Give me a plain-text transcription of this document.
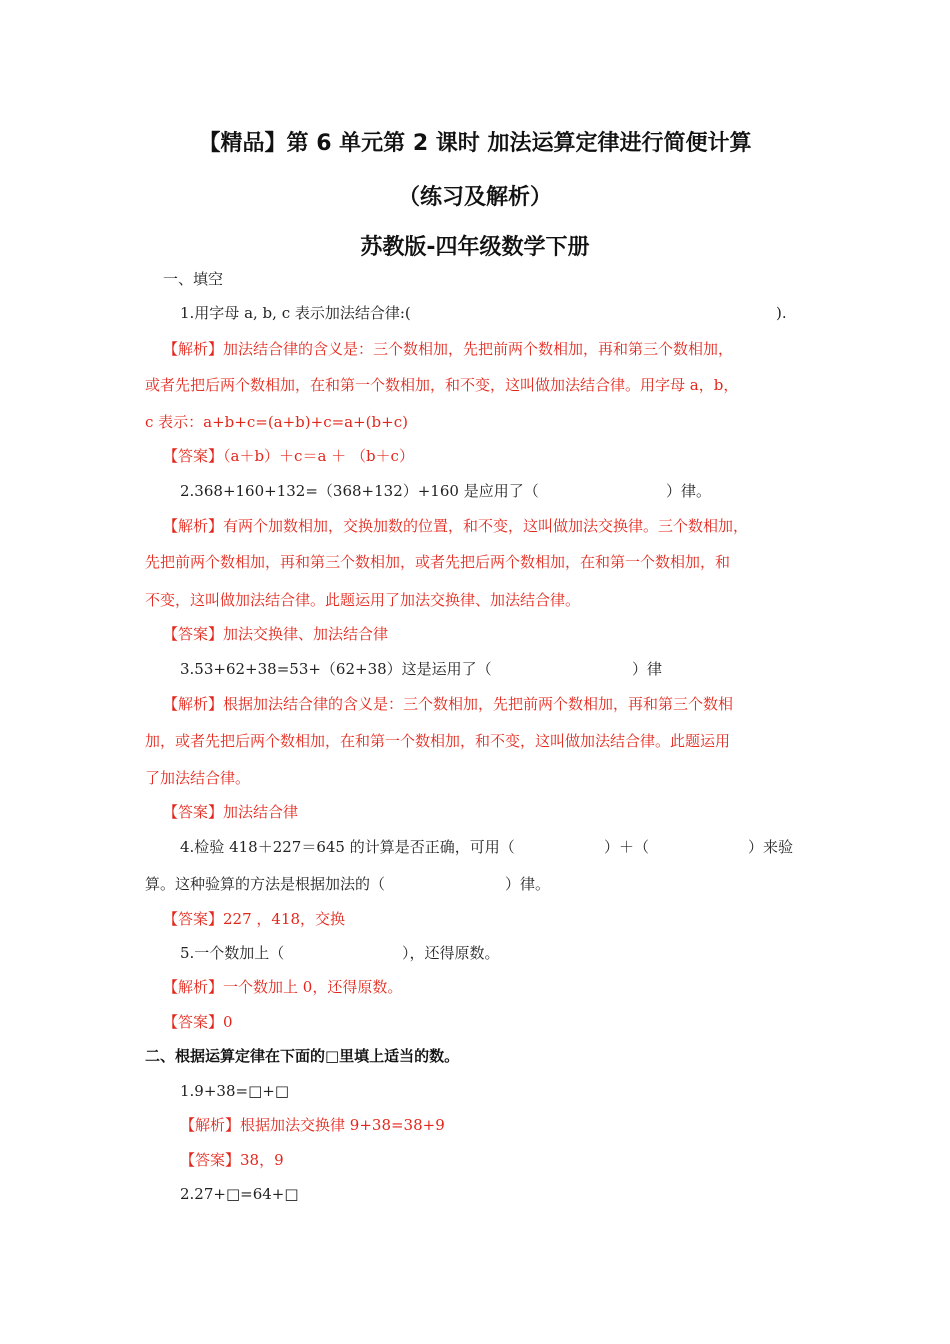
【精品】第 6 单元第 2 课时 加法运算定律进行简便计算
（练习及解析）
苏教版-四年级数学下册
一、填空
1.用字母 a, b, c 表示加法结合律:(	).
【解析】加法结合律的含义是：三个数相加，先把前两个数相加，再和第三个数相加，
或者先把后两个数相加，在和第一个数相加，和不变，这叫做加法结合律。用字母 a，b，
c 表示：a+b+c=(a+b)+c=a+(b+c)
【答案】（a＋b）＋c＝a ＋ （b＋c）
2.368+160+132=（368+132）+160 是应用了（	）律。
【解析】有两个加数相加，交换加数的位置，和不变，这叫做加法交换律。三个数相加，
先把前两个数相加，再和第三个数相加，或者先把后两个数相加，在和第一个数相加，和
不变，这叫做加法结合律。此题运用了加法交换律、加法结合律。
【答案】加法交换律、加法结合律
3.53+62+38=53+（62+38）这是运用了（	）律
【解析】根据加法结合律的含义是：三个数相加，先把前两个数相加，再和第三个数相
加，或者先把后两个数相加，在和第一个数相加，和不变，这叫做加法结合律。此题运用
了加法结合律。
【答案】加法结合律
4.检验 418＋227＝645 的计算是否正确，可用（	）＋（	）来验
算。这种验算的方法是根据加法的（	）律。
【答案】227 ，418，交换
5.一个数加上（	），还得原数。
【解析】一个数加上 0，还得原数。
【答案】0
二、根据运算定律在下面的□里填上适当的数。
1.9+38=□+□
【解析】根据加法交换律 9+38=38+9
【答案】38，9
2.27+□=64+□
